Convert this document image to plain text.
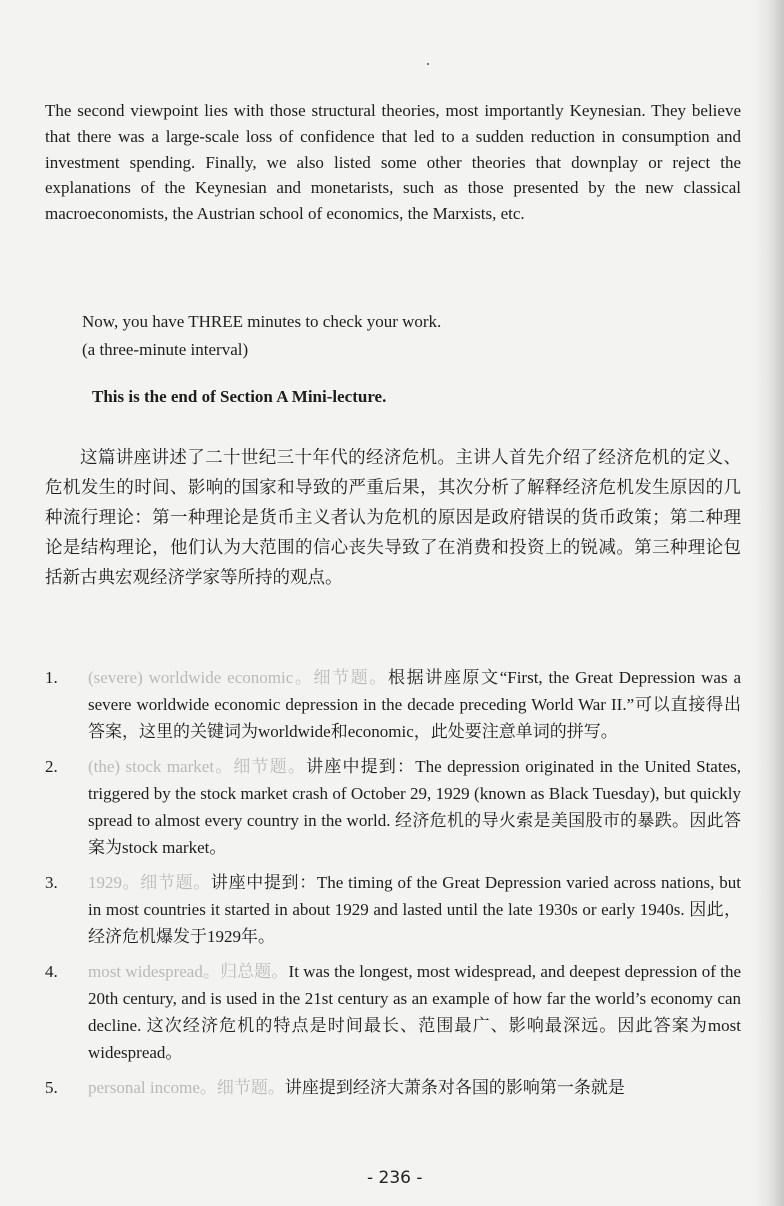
The second viewpoint lies with those structural theories, most importantly Keynesian. They believe that there was a large-scale loss of confidence that led to a sudden reduction in consumption and investment spending. Finally, we also listed some other theories that downplay or reject the explanations of the Keynesian and monetarists, such as those presented by the new classical macroeconomists, the Austrian school of economics, the Marxists, etc.

Now, you have THREE minutes to check your work.

(a three-minute interval)

This is the end of Section A Mini-lecture.

这篇讲座讲述了二十世纪三十年代的经济危机。主讲人首先介绍了经济危机的定义、危机发生的时间、影响的国家和导致的严重后果，其次分析了解释经济危机发生原因的几种流行理论：第一种理论是货币主义者认为危机的原因是政府错误的货币政策；第二种理论是结构理论，他们认为大范围的信心丧失导致了在消费和投资上的锐减。第三种理论包括新古典宏观经济学家等所持的观点。

1. (severe) worldwide economic。细节题。根据讲座原文“First, the Great Depression was a severe worldwide economic depression in the decade preceding World War II.”可以直接得出答案，这里的关键词为worldwide和economic，此处要注意单词的拼写。
2. (the) stock market。细节题。讲座中提到：The depression originated in the United States, triggered by the stock market crash of October 29, 1929 (known as Black Tuesday), but quickly spread to almost every country in the world. 经济危机的导火索是美国股市的暴跌。因此答案为stock market。
3. 1929。细节题。讲座中提到：The timing of the Great Depression varied across nations, but in most countries it started in about 1929 and lasted until the late 1930s or early 1940s. 因此，经济危机爆发于1929年。
4. most widespread。归总题。It was the longest, most widespread, and deepest depression of the 20th century, and is used in the 21st century as an example of how far the world’s economy can decline. 这次经济危机的特点是时间最长、范围最广、影响最深远。因此答案为most widespread。
5. personal income。细节题。讲座提到经济大萧条对各国的影响第一条就是
- 236 -
